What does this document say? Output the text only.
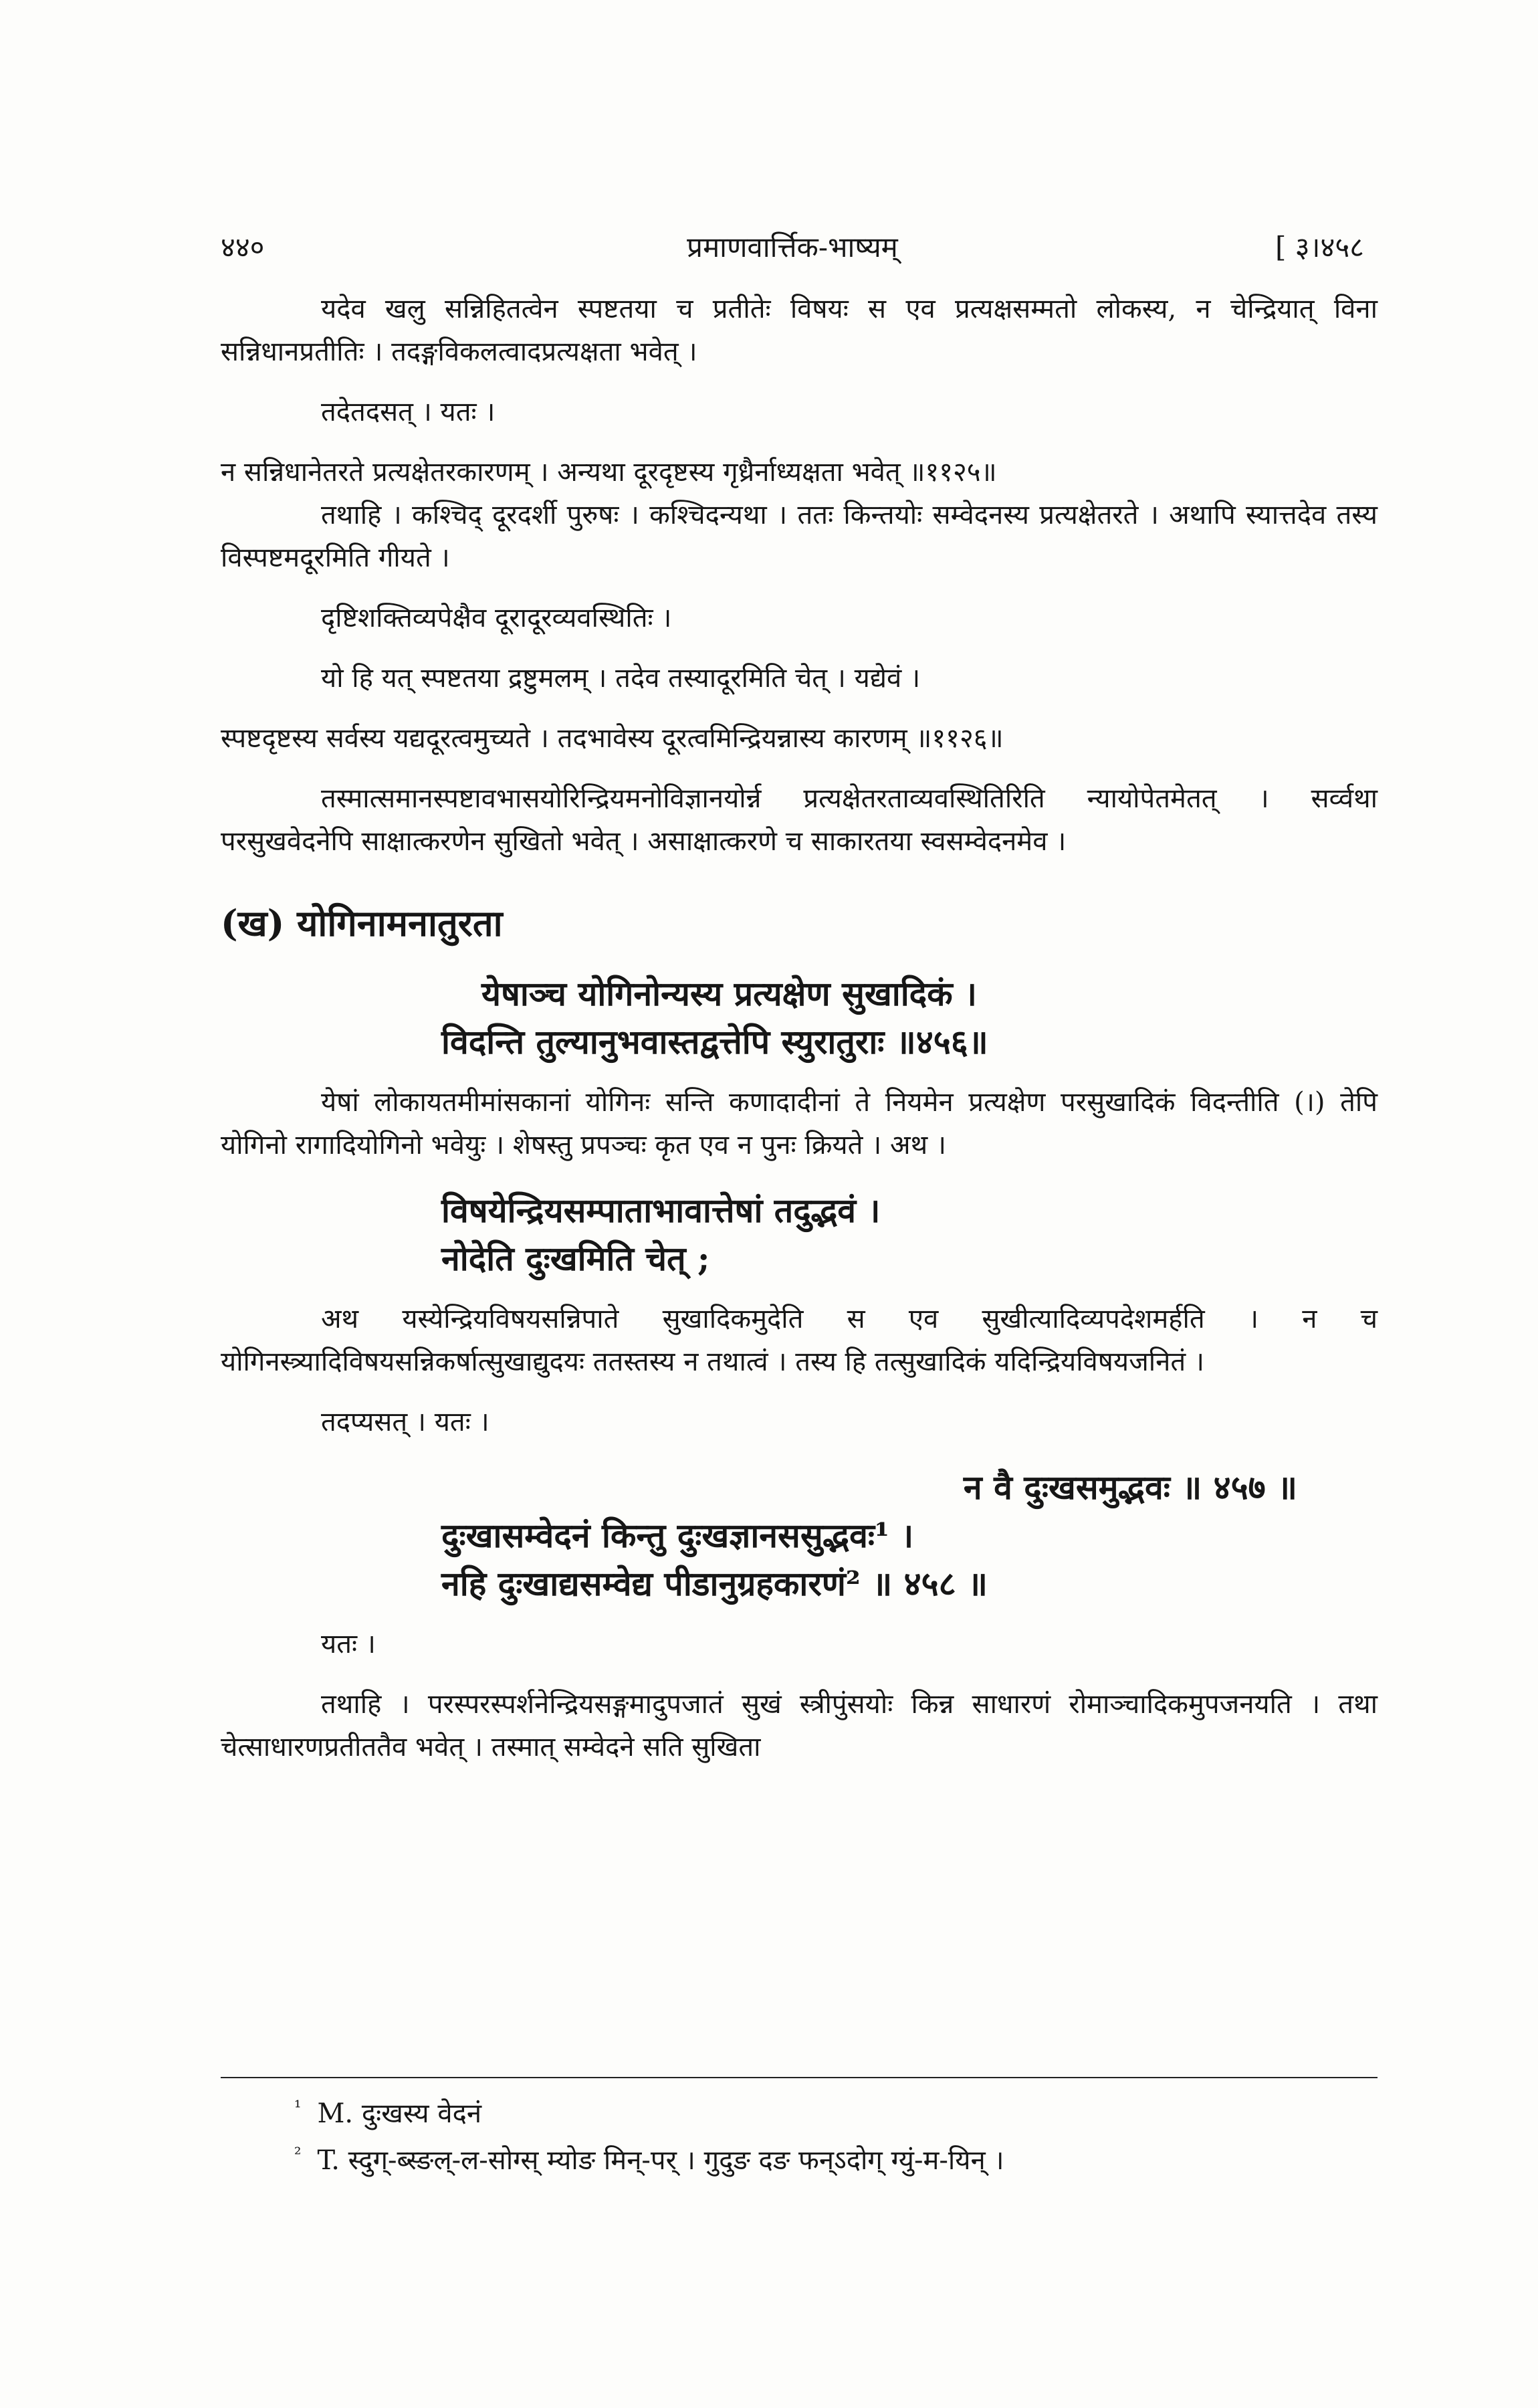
४४०	प्रमाणवार्त्तिक-भाष्यम्	[ ३।४५८

यदेव खलु सन्निहितत्वेन स्पष्टतया च प्रतीतेः विषयः स एव प्रत्यक्षसम्मतो लोकस्य, न चेन्द्रियात् विना सन्निधानप्रतीतिः । तदङ्गविकलत्वादप्रत्यक्षता भवेत् ।

तदेतदसत् । यतः ।

न सन्निधानेतरते प्रत्यक्षेतरकारणम् । अन्यथा दूरदृष्टस्य गृध्रैर्नाध्यक्षता भवेत् ॥११२५॥

तथाहि । कश्चिद् दूरदर्शी पुरुषः । कश्चिदन्यथा । ततः किन्तयोः सम्वेदनस्य प्रत्यक्षेतरते । अथापि स्यात्तदेव तस्य विस्पष्टमदूरमिति गीयते ।

दृष्टिशक्तिव्यपेक्षैव दूरादूरव्यवस्थितिः ।

यो हि यत् स्पष्टतया द्रष्टुमलम् । तदेव तस्यादूरमिति चेत् । यद्येवं ।

स्पष्टदृष्टस्य सर्वस्य यद्यदूरत्वमुच्यते । तदभावेस्य दूरत्वमिन्द्रियन्नास्य कारणम् ॥११२६॥

तस्मात्समानस्पष्टावभासयोरिन्द्रियमनोविज्ञानयोर्न्न प्रत्यक्षेतरताव्यवस्थितिरिति न्यायोपेतमेतत् । सर्व्वथा परसुखवेदनेपि साक्षात्करणेन सुखितो भवेत् । असाक्षात्करणे च साकारतया स्वसम्वेदनमेव ।

(ख) योगिनामनातुरता
येषाञ्च योगिनोन्यस्य प्रत्यक्षेण सुखादिकं ।
विदन्ति तुल्यानुभवास्तद्वत्तेपि स्युरातुराः ॥४५६॥

येषां लोकायतमीमांसकानां योगिनः सन्ति कणादादीनां ते नियमेन प्रत्यक्षेण परसुखादिकं विदन्तीति (।) तेपि योगिनो रागादियोगिनो भवेयुः । शेषस्तु प्रपञ्चः कृत एव न पुनः क्रियते । अथ ।

विषयेन्द्रियसम्पाताभावात्तेषां तदुद्भवं ।
नोदेति दुःखमिति चेत् ;

अथ यस्येन्द्रियविषयसन्निपाते सुखादिकमुदेति स एव सुखीत्यादिव्यपदेशमर्हति । न च योगिनस्त्र्यादिविषयसन्निकर्षात्सुखाद्युदयः ततस्तस्य न तथात्वं । तस्य हि तत्सुखादिकं यदिन्द्रियविषयजनितं ।

तदप्यसत् । यतः ।

न वै दुःखसमुद्भवः ॥ ४५७ ॥
दुःखासम्वेदनं किन्तु दुःखज्ञानससुद्भवः¹ ।
नहि दुःखाद्यसम्वेद्य पीडानुग्रहकारणं² ॥ ४५८ ॥

यतः ।

तथाहि । परस्परस्पर्शनेन्द्रियसङ्गमादुपजातं सुखं स्त्रीपुंसयोः किन्न साधारणं रोमाञ्चादिकमुपजनयति । तथा चेत्साधारणप्रतीततैव भवेत् । तस्मात् सम्वेदने सति सुखिता

$^{^1}$ M. दुःखस्य वेदनं
$^{^2}$ T. स्दुग्-ब्स्ङल्-ल-सोग्स् म्योङ मिन्-पर् । गुदुङ दङ फन्ऽदोग् ग्युं-म-यिन् ।
